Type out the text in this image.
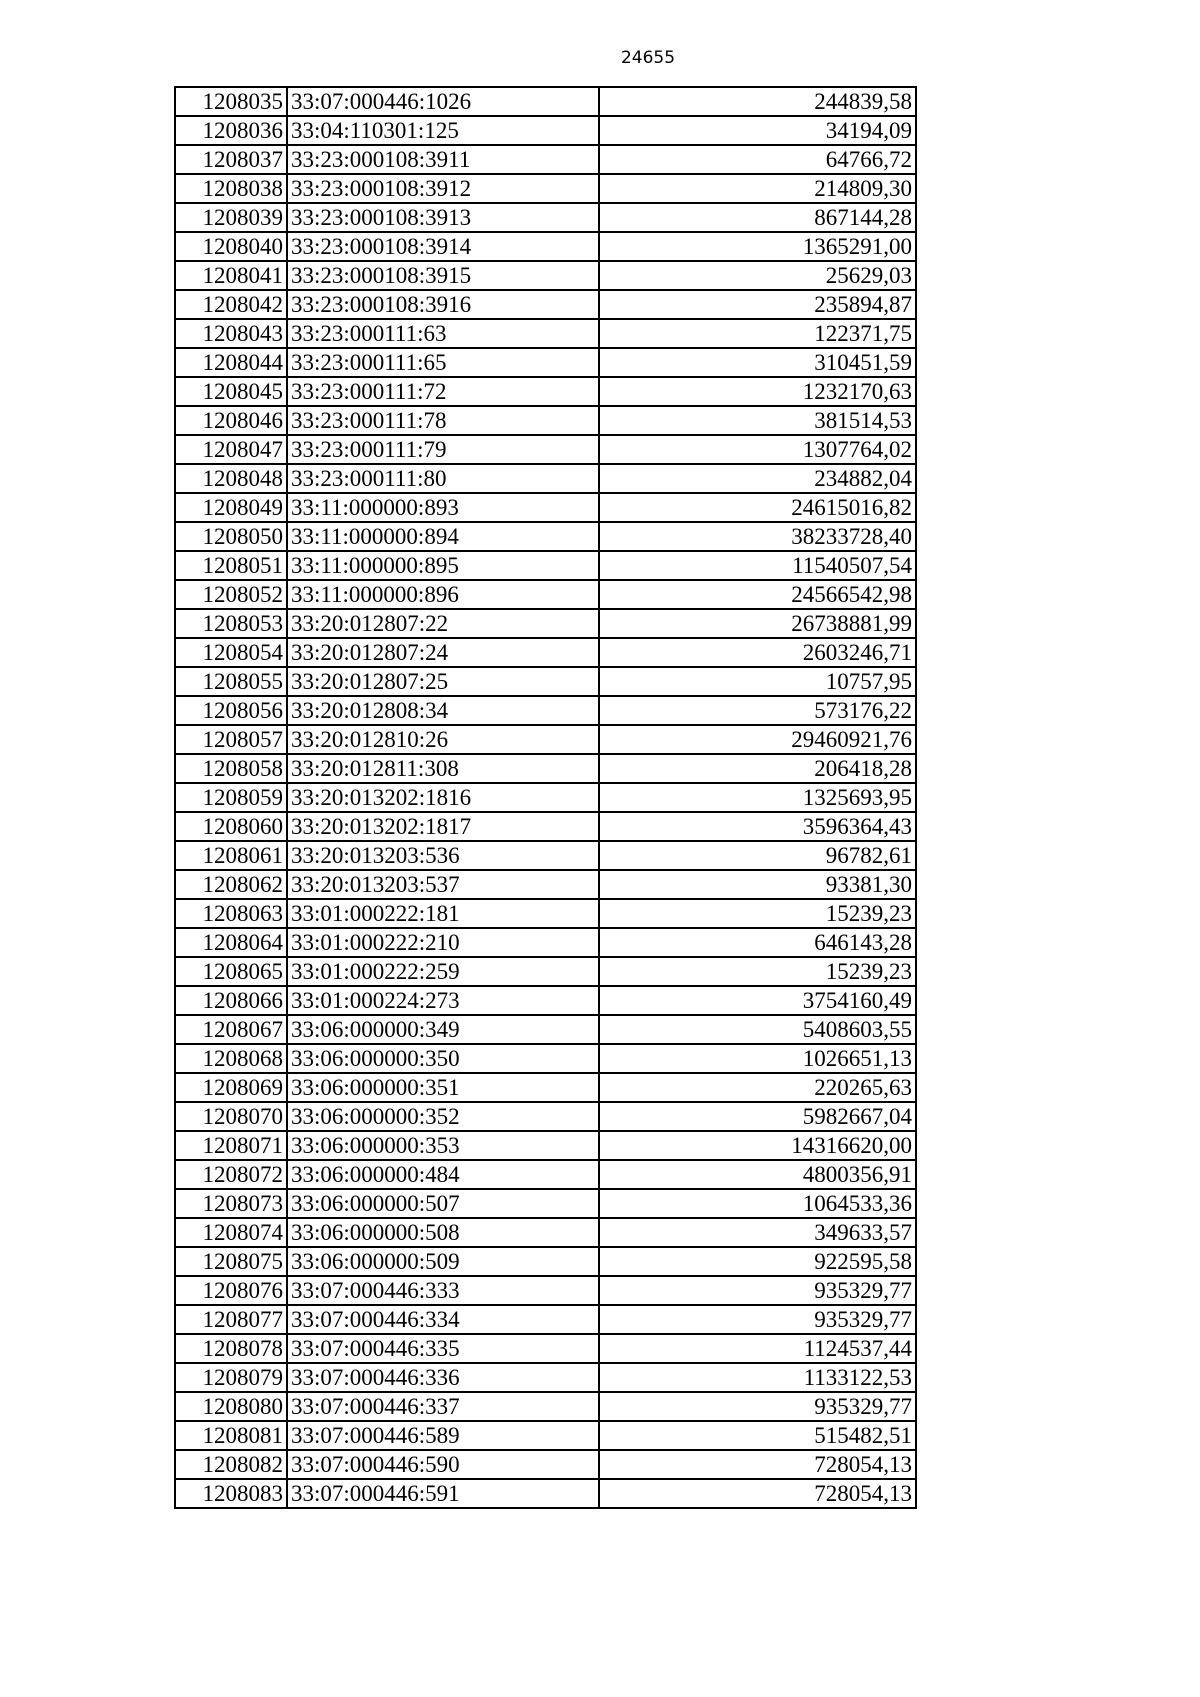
24655
1208035	33:07:000446:1026	244839,58
1208036	33:04:110301:125	34194,09
1208037	33:23:000108:3911	64766,72
1208038	33:23:000108:3912	214809,30
1208039	33:23:000108:3913	867144,28
1208040	33:23:000108:3914	1365291,00
1208041	33:23:000108:3915	25629,03
1208042	33:23:000108:3916	235894,87
1208043	33:23:000111:63	122371,75
1208044	33:23:000111:65	310451,59
1208045	33:23:000111:72	1232170,63
1208046	33:23:000111:78	381514,53
1208047	33:23:000111:79	1307764,02
1208048	33:23:000111:80	234882,04
1208049	33:11:000000:893	24615016,82
1208050	33:11:000000:894	38233728,40
1208051	33:11:000000:895	11540507,54
1208052	33:11:000000:896	24566542,98
1208053	33:20:012807:22	26738881,99
1208054	33:20:012807:24	2603246,71
1208055	33:20:012807:25	10757,95
1208056	33:20:012808:34	573176,22
1208057	33:20:012810:26	29460921,76
1208058	33:20:012811:308	206418,28
1208059	33:20:013202:1816	1325693,95
1208060	33:20:013202:1817	3596364,43
1208061	33:20:013203:536	96782,61
1208062	33:20:013203:537	93381,30
1208063	33:01:000222:181	15239,23
1208064	33:01:000222:210	646143,28
1208065	33:01:000222:259	15239,23
1208066	33:01:000224:273	3754160,49
1208067	33:06:000000:349	5408603,55
1208068	33:06:000000:350	1026651,13
1208069	33:06:000000:351	220265,63
1208070	33:06:000000:352	5982667,04
1208071	33:06:000000:353	14316620,00
1208072	33:06:000000:484	4800356,91
1208073	33:06:000000:507	1064533,36
1208074	33:06:000000:508	349633,57
1208075	33:06:000000:509	922595,58
1208076	33:07:000446:333	935329,77
1208077	33:07:000446:334	935329,77
1208078	33:07:000446:335	1124537,44
1208079	33:07:000446:336	1133122,53
1208080	33:07:000446:337	935329,77
1208081	33:07:000446:589	515482,51
1208082	33:07:000446:590	728054,13
1208083	33:07:000446:591	728054,13
